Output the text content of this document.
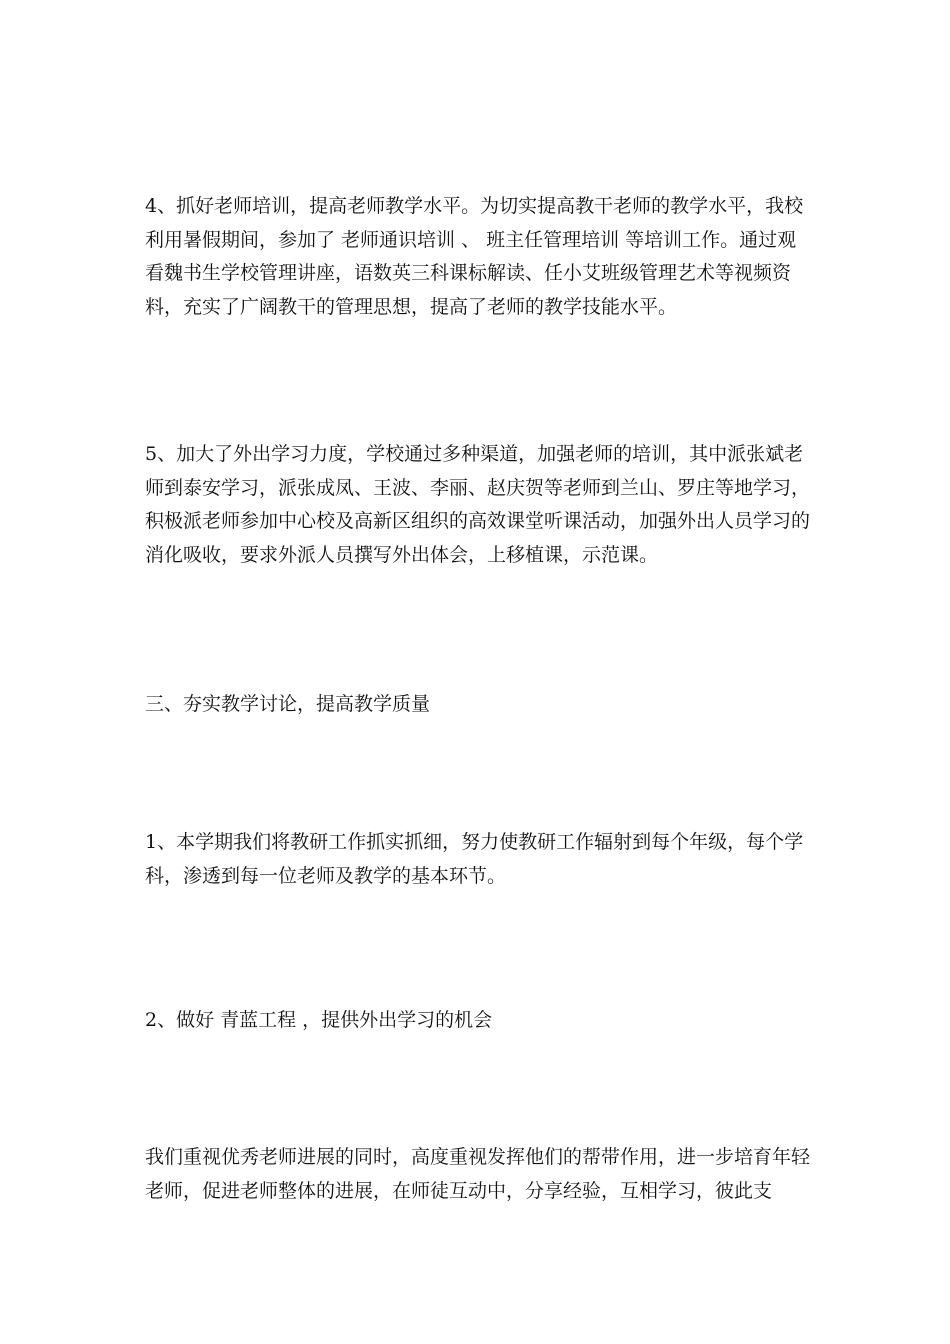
4、抓好老师培训，提高老师教学水平。为切实提高教干老师的教学水平，我校利用暑假期间，参加了 老师通识培训 、 班主任管理培训 等培训工作。通过观看魏书生学校管理讲座，语数英三科课标解读、任小艾班级管理艺术等视频资料，充实了广阔教干的管理思想，提高了老师的教学技能水平。

5、加大了外出学习力度，学校通过多种渠道，加强老师的培训，其中派张斌老师到泰安学习，派张成凤、王波、李丽、赵庆贺等老师到兰山、罗庄等地学习，积极派老师参加中心校及高新区组织的高效课堂听课活动，加强外出人员学习的消化吸收，要求外派人员撰写外出体会，上移植课，示范课。

三、夯实教学讨论，提高教学质量

1、本学期我们将教研工作抓实抓细，努力使教研工作辐射到每个年级，每个学科，渗透到每一位老师及教学的基本环节。

2、做好 青蓝工程 ，提供外出学习的机会

我们重视优秀老师进展的同时，高度重视发挥他们的帮带作用，进一步培育年轻老师，促进老师整体的进展，在师徒互动中，分享经验，互相学习，彼此支
